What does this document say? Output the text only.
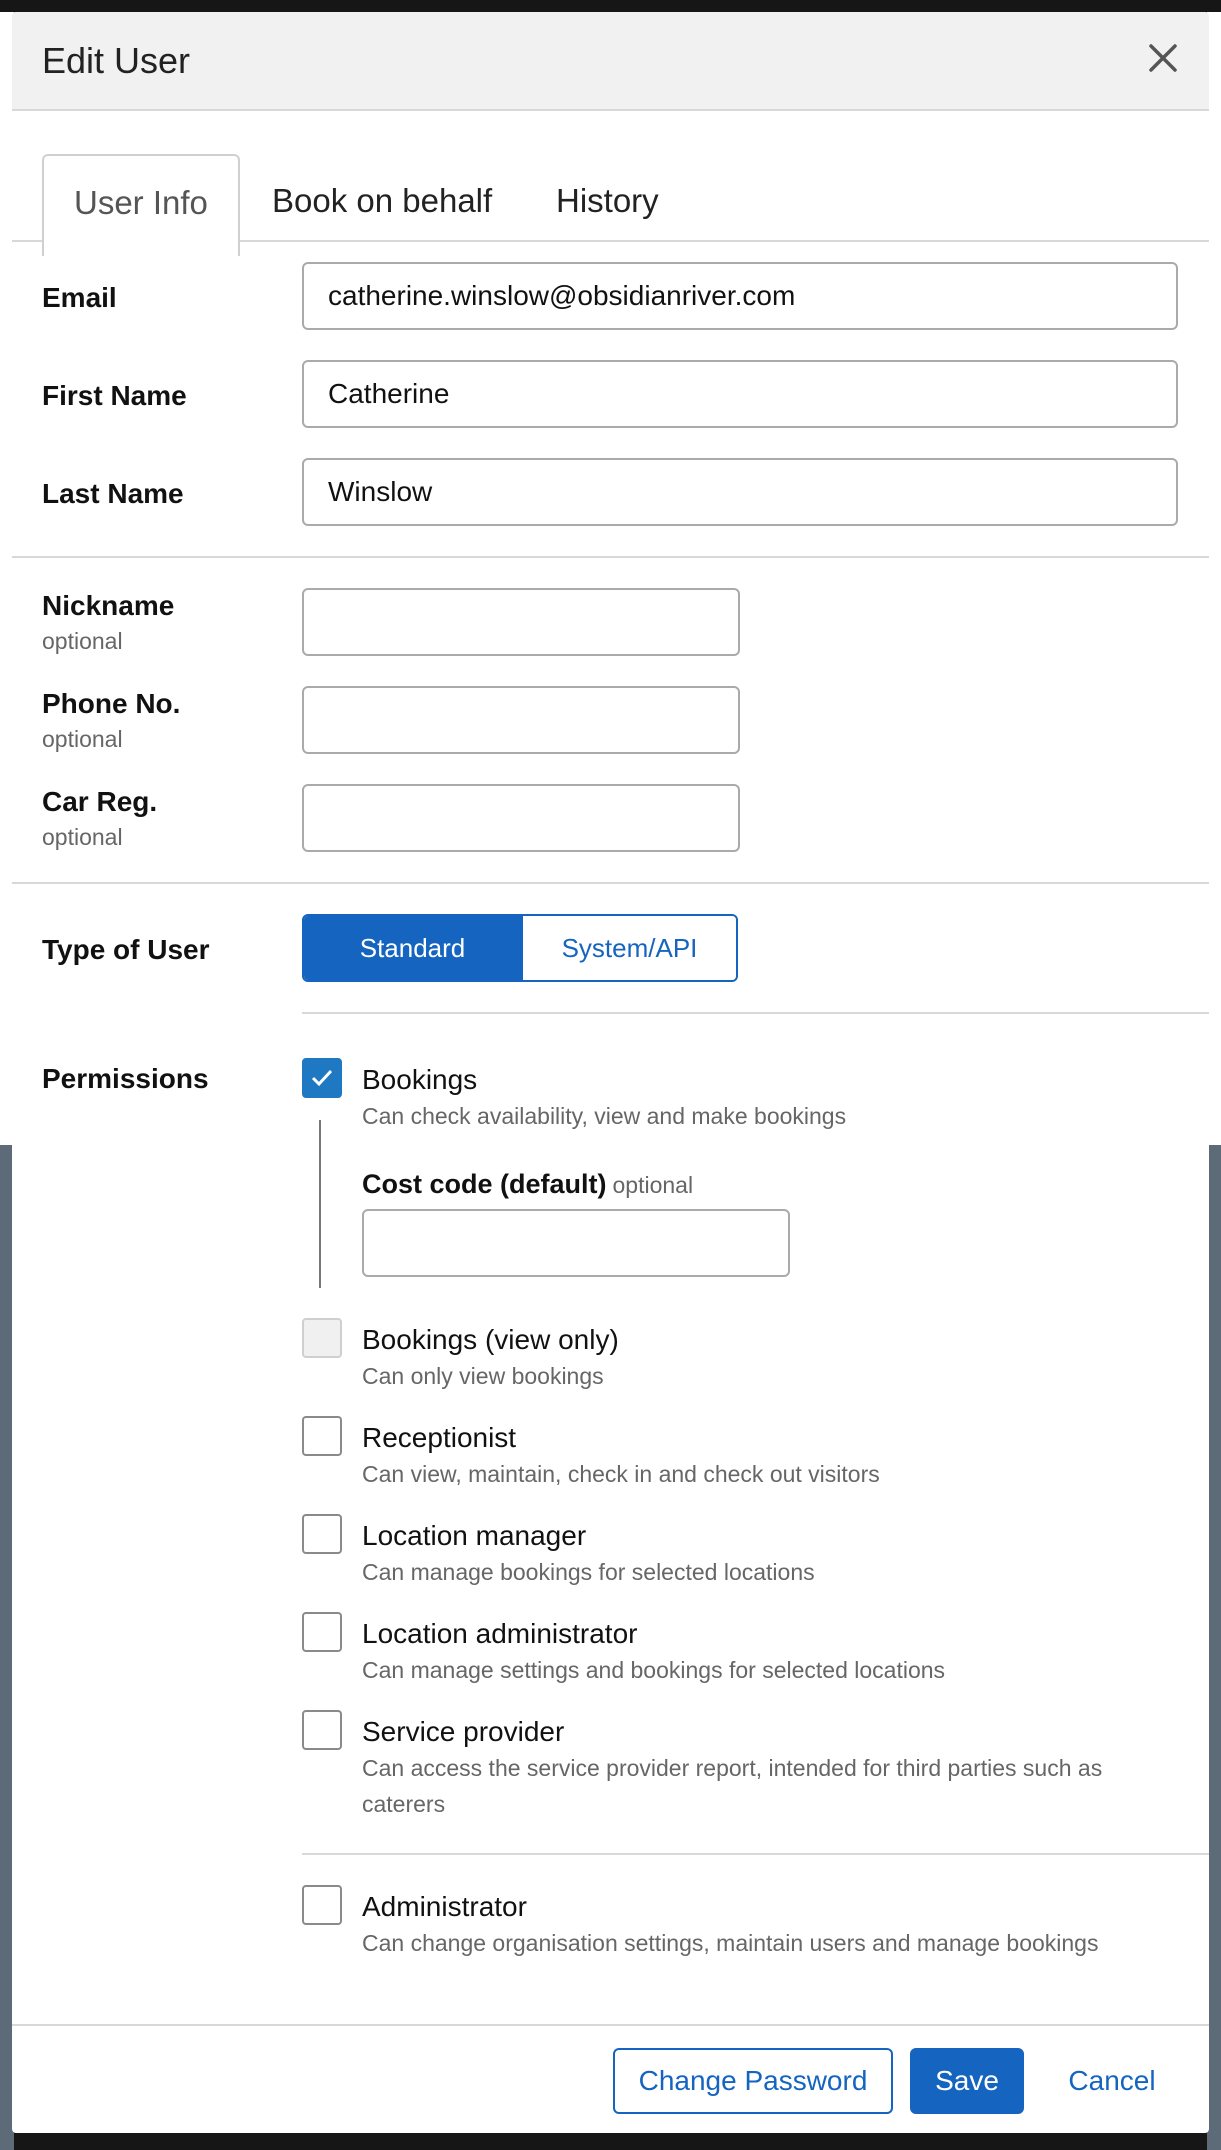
Edit User
User Info	Book on behalf History
Email	catherine.winslow@obsidianriver.com
First Name	Catherine
Last Name	Winslow
Nickname
optional
Phone No.
optional
Car Reg.
optional
Type of User	Standard	System/API
Permissions	Bookings
Can check availability, view and make bookings
Cost code (default) optional
Bookings (view only)
Can only view bookings
Receptionist
Can view, maintain, check in and check out visitors
Location manager
Can manage bookings for selected locations
Location administrator
Can manage settings and bookings for selected locations
Service provider
Can access the service provider report, intended for third parties such as caterers
Administrator
Can change organisation settings, maintain users and manage bookings
Change Password	Save	Cancel
